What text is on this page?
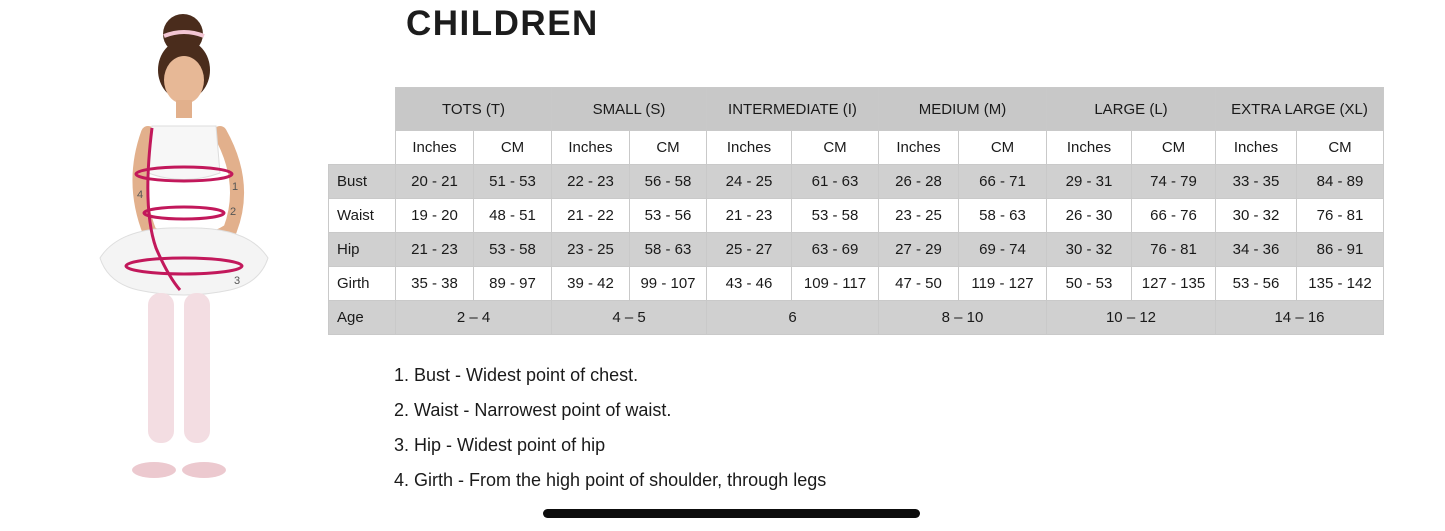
1
2
3
4
CHILDREN
	TOTS (T)		SMALL (S)		INTERMEDIATE (I)		MEDIUM (M)		LARGE (L)		EXTRA LARGE (XL)	
	Inches	CM	Inches	CM	Inches	CM	Inches	CM	Inches	CM	Inches	CM
Bust	20 - 21	51 - 53	22 - 23	56 - 58	24 - 25	61 - 63	26 - 28	66 - 71	29 - 31	74 - 79	33 - 35	84 - 89
Waist	19 - 20	48 - 51	21 - 22	53 - 56	21 - 23	53 - 58	23 - 25	58 - 63	26 - 30	66 - 76	30 - 32	76 - 81
Hip	21 - 23	53 - 58	23 - 25	58 - 63	25 - 27	63 - 69	27 - 29	69 - 74	30 - 32	76 - 81	34 - 36	86 - 91
Girth	35 - 38	89 - 97	39 - 42	99 - 107	43 - 46	109 - 117	47 - 50	119 - 127	50 - 53	127 - 135	53 - 56	135 - 142
Age	2 – 4		4 – 5		6		8 – 10		10 – 12		14 – 16	
1. Bust - Widest point of chest.
2. Waist - Narrowest point of waist.
3. Hip - Widest point of hip
4. Girth - From the high point of shoulder, through legs
